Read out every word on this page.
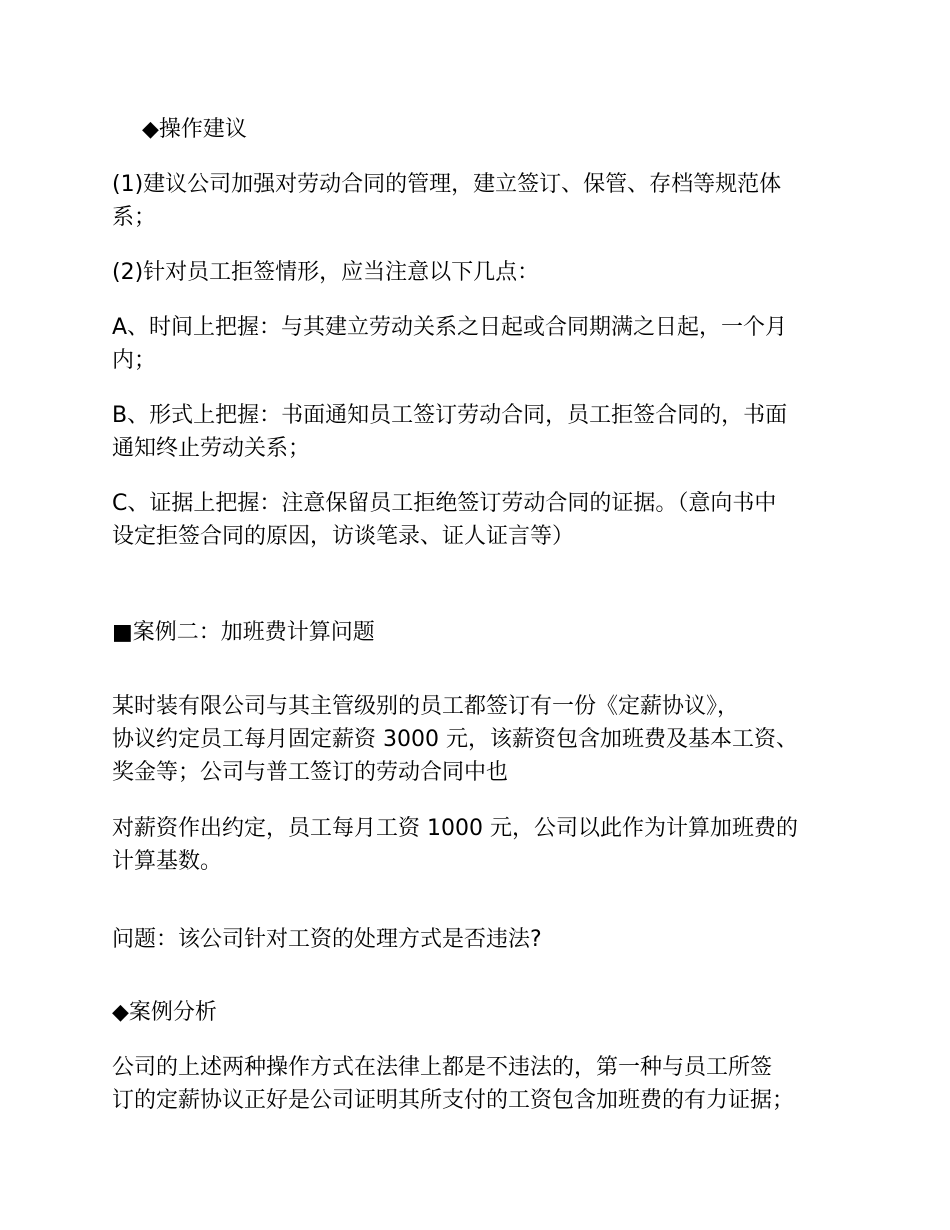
◆操作建议
(1)建议公司加强对劳动合同的管理，建立签订、保管、存档等规范体
系；
(2)针对员工拒签情形，应当注意以下几点：
A、时间上把握：与其建立劳动关系之日起或合同期满之日起，一个月
内；
B、形式上把握：书面通知员工签订劳动合同，员工拒签合同的，书面
通知终止劳动关系；
C、证据上把握：注意保留员工拒绝签订劳动合同的证据。（意向书中
设定拒签合同的原因，访谈笔录、证人证言等）
■案例二：加班费计算问题
某时装有限公司与其主管级别的员工都签订有一份《定薪协议》，
协议约定员工每月固定薪资 3000 元，该薪资包含加班费及基本工资、
奖金等；公司与普工签订的劳动合同中也
对薪资作出约定，员工每月工资 1000 元，公司以此作为计算加班费的
计算基数。
问题：该公司针对工资的处理方式是否违法?
◆案例分析
公司的上述两种操作方式在法律上都是不违法的，第一种与员工所签
订的定薪协议正好是公司证明其所支付的工资包含加班费的有力证据；
